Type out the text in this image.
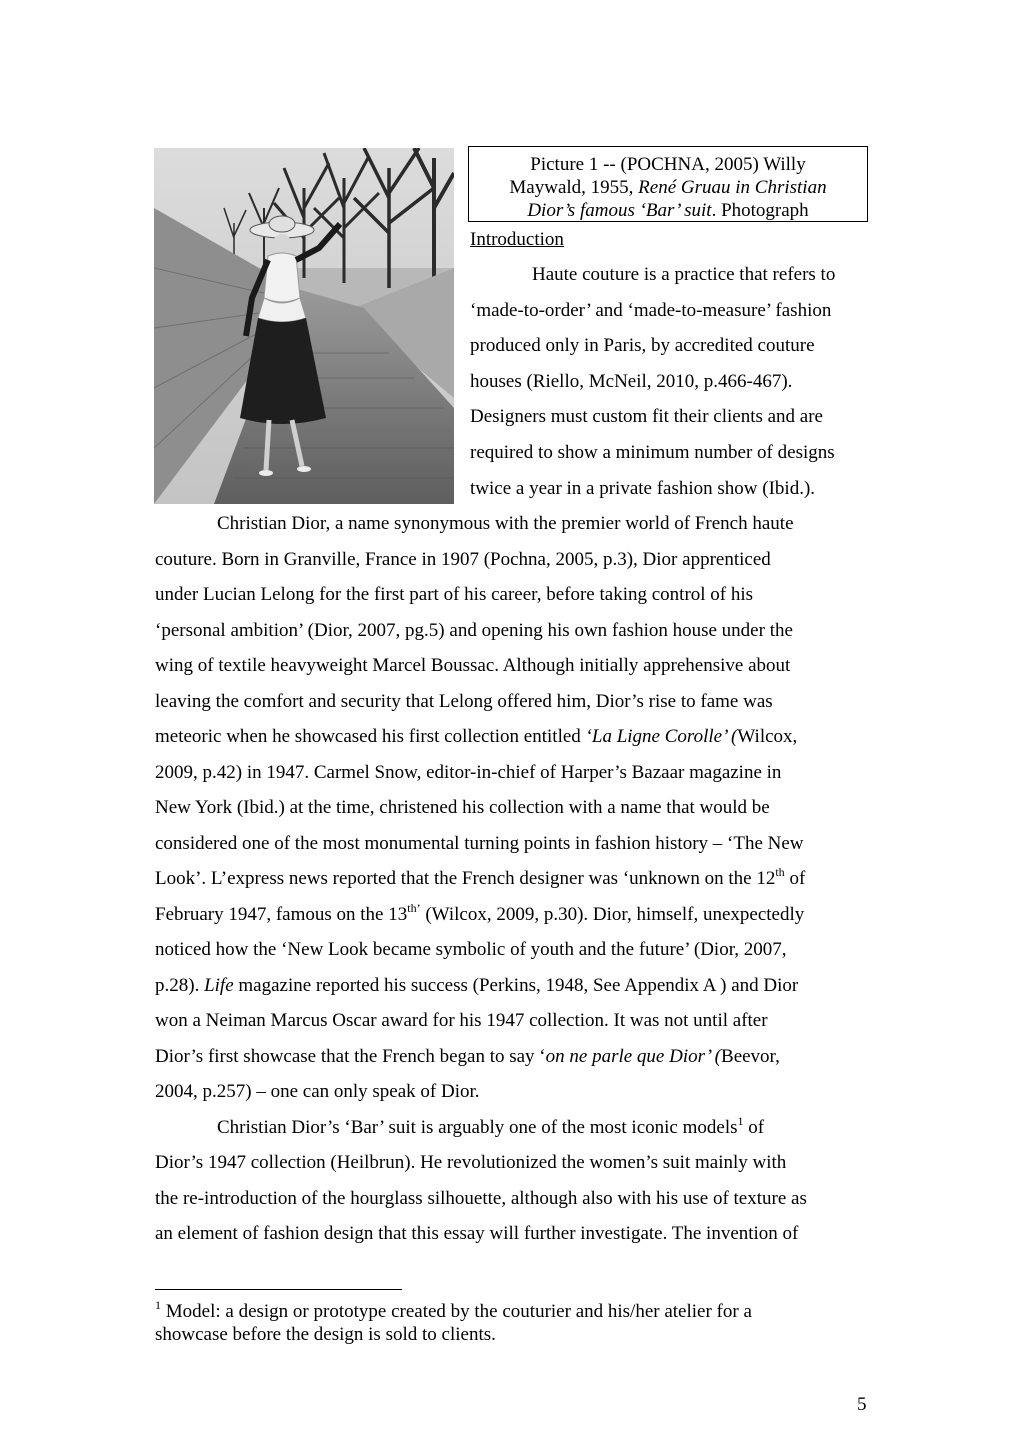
Picture 1 -- (POCHNA, 2005) Willy
Maywald, 1955, René Gruau in Christian
Dior’s famous ‘Bar’ suit. Photograph
Introduction
Haute couture is a practice that refers to
‘made-to-order’ and ‘made-to-measure’ fashion
produced only in Paris, by accredited couture
houses (Riello, McNeil, 2010, p.466-467).
Designers must custom fit their clients and are
required to show a minimum number of designs
twice a year in a private fashion show (Ibid.).
Christian Dior, a name synonymous with the premier world of French haute
couture. Born in Granville, France in 1907 (Pochna, 2005, p.3), Dior apprenticed
under Lucian Lelong for the first part of his career, before taking control of his
‘personal ambition’ (Dior, 2007, pg.5) and opening his own fashion house under the
wing of textile heavyweight Marcel Boussac. Although initially apprehensive about
leaving the comfort and security that Lelong offered him, Dior’s rise to fame was
meteoric when he showcased his first collection entitled ‘La Ligne Corolle’ (Wilcox,
2009, p.42) in 1947. Carmel Snow, editor-in-chief of Harper’s Bazaar magazine in
New York (Ibid.) at the time, christened his collection with a name that would be
considered one of the most monumental turning points in fashion history – ‘The New
Look’. L’express news reported that the French designer was ‘unknown on the 12th of
February 1947, famous on the $13^{th’}$ (Wilcox, 2009, p.30). Dior, himself, unexpectedly
noticed how the ‘New Look became symbolic of youth and the future’ (Dior, 2007,
p.28). Life magazine reported his success (Perkins, 1948, See Appendix A ) and Dior
won a Neiman Marcus Oscar award for his 1947 collection. It was not until after
Dior’s first showcase that the French began to say ‘on ne parle que Dior’ (Beevor,
2004, p.257) – one can only speak of Dior.
Christian Dior’s ‘Bar’ suit is arguably one of the most iconic models$^1$ of
Dior’s 1947 collection (Heilbrun). He revolutionized the women’s suit mainly with
the re-introduction of the hourglass silhouette, although also with his use of texture as
an element of fashion design that this essay will further investigate. The invention of
$^1$ Model: a design or prototype created by the couturier and his/her atelier for a
showcase before the design is sold to clients.
5
